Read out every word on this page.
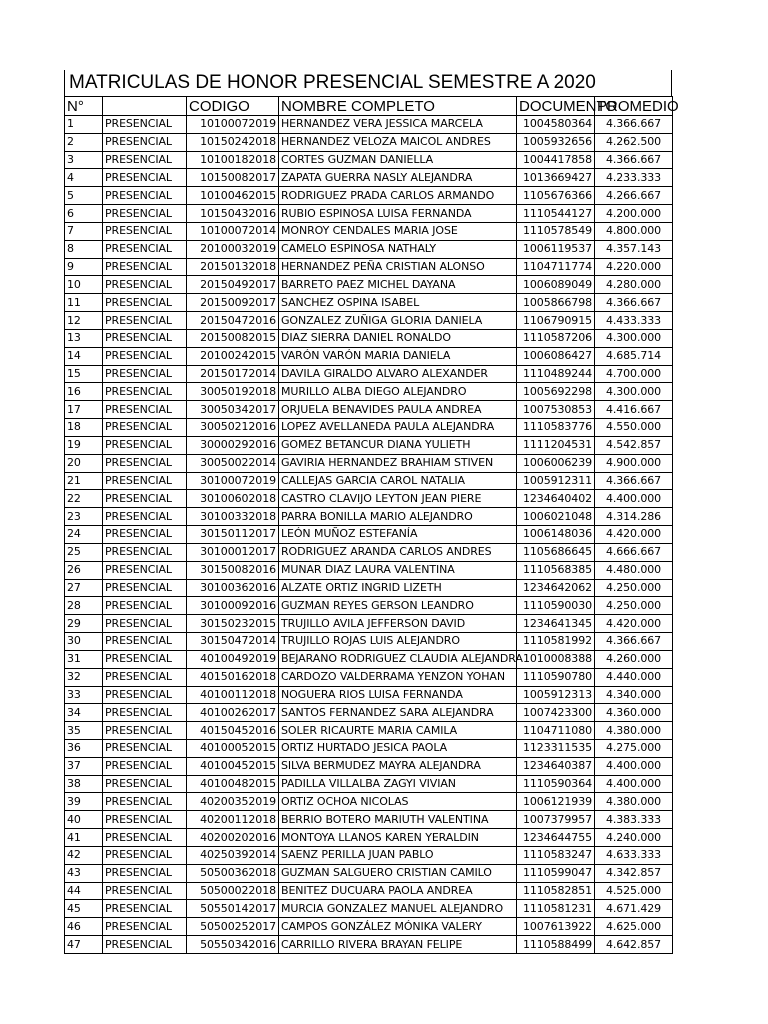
MATRICULAS DE HONOR PRESENCIAL SEMESTRE A 2020
N°		CODIGO	NOMBRE COMPLETO	DOCUMENTO	PROMEDIO
1	PRESENCIAL	10100072019	HERNANDEZ VERA JESSICA MARCELA	1004580364	4.366.667
2	PRESENCIAL	10150242018	HERNANDEZ VELOZA MAICOL ANDRES	1005932656	4.262.500
3	PRESENCIAL	10100182018	CORTES GUZMAN DANIELLA	1004417858	4.366.667
4	PRESENCIAL	10150082017	ZAPATA GUERRA NASLY ALEJANDRA	1013669427	4.233.333
5	PRESENCIAL	10100462015	RODRIGUEZ PRADA CARLOS ARMANDO	1105676366	4.266.667
6	PRESENCIAL	10150432016	RUBIO ESPINOSA LUISA FERNANDA	1110544127	4.200.000
7	PRESENCIAL	10100072014	MONROY CENDALES MARIA JOSE	1110578549	4.800.000
8	PRESENCIAL	20100032019	CAMELO ESPINOSA NATHALY	1006119537	4.357.143
9	PRESENCIAL	20150132018	HERNANDEZ PEÑA CRISTIAN ALONSO	1104711774	4.220.000
10	PRESENCIAL	20150492017	BARRETO PAEZ MICHEL DAYANA	1006089049	4.280.000
11	PRESENCIAL	20150092017	SANCHEZ OSPINA ISABEL	1005866798	4.366.667
12	PRESENCIAL	20150472016	GONZALEZ ZUÑIGA GLORIA DANIELA	1106790915	4.433.333
13	PRESENCIAL	20150082015	DIAZ SIERRA DANIEL RONALDO	1110587206	4.300.000
14	PRESENCIAL	20100242015	VARÓN VARÓN MARIA DANIELA	1006086427	4.685.714
15	PRESENCIAL	20150172014	DAVILA GIRALDO ALVARO ALEXANDER	1110489244	4.700.000
16	PRESENCIAL	30050192018	MURILLO ALBA DIEGO ALEJANDRO	1005692298	4.300.000
17	PRESENCIAL	30050342017	ORJUELA BENAVIDES PAULA ANDREA	1007530853	4.416.667
18	PRESENCIAL	30050212016	LOPEZ AVELLANEDA PAULA ALEJANDRA	1110583776	4.550.000
19	PRESENCIAL	30000292016	GOMEZ BETANCUR DIANA YULIETH	1111204531	4.542.857
20	PRESENCIAL	30050022014	GAVIRIA HERNANDEZ BRAHIAM STIVEN	1006006239	4.900.000
21	PRESENCIAL	30100072019	CALLEJAS GARCIA CAROL NATALIA	1005912311	4.366.667
22	PRESENCIAL	30100602018	CASTRO CLAVIJO LEYTON JEAN PIERE	1234640402	4.400.000
23	PRESENCIAL	30100332018	PARRA BONILLA MARIO ALEJANDRO	1006021048	4.314.286
24	PRESENCIAL	30150112017	LEÓN MUÑOZ ESTEFANÍA	1006148036	4.420.000
25	PRESENCIAL	30100012017	RODRIGUEZ ARANDA CARLOS ANDRES	1105686645	4.666.667
26	PRESENCIAL	30150082016	MUNAR DIAZ LAURA VALENTINA	1110568385	4.480.000
27	PRESENCIAL	30100362016	ALZATE ORTIZ INGRID LIZETH	1234642062	4.250.000
28	PRESENCIAL	30100092016	GUZMAN REYES GERSON LEANDRO	1110590030	4.250.000
29	PRESENCIAL	30150232015	TRUJILLO AVILA JEFFERSON DAVID	1234641345	4.420.000
30	PRESENCIAL	30150472014	TRUJILLO ROJAS LUIS ALEJANDRO	1110581992	4.366.667
31	PRESENCIAL	40100492019	BEJARANO RODRIGUEZ CLAUDIA ALEJANDRA	1010008388	4.260.000
32	PRESENCIAL	40150162018	CARDOZO VALDERRAMA YENZON YOHAN	1110590780	4.440.000
33	PRESENCIAL	40100112018	NOGUERA RIOS LUISA FERNANDA	1005912313	4.340.000
34	PRESENCIAL	40100262017	SANTOS FERNANDEZ SARA ALEJANDRA	1007423300	4.360.000
35	PRESENCIAL	40150452016	SOLER RICAURTE MARIA CAMILA	1104711080	4.380.000
36	PRESENCIAL	40100052015	ORTIZ HURTADO JESICA PAOLA	1123311535	4.275.000
37	PRESENCIAL	40100452015	SILVA BERMUDEZ MAYRA ALEJANDRA	1234640387	4.400.000
38	PRESENCIAL	40100482015	PADILLA VILLALBA ZAGYI VIVIAN	1110590364	4.400.000
39	PRESENCIAL	40200352019	ORTIZ OCHOA NICOLAS	1006121939	4.380.000
40	PRESENCIAL	40200112018	BERRIO BOTERO MARIUTH VALENTINA	1007379957	4.383.333
41	PRESENCIAL	40200202016	MONTOYA LLANOS KAREN YERALDIN	1234644755	4.240.000
42	PRESENCIAL	40250392014	SAENZ PERILLA JUAN PABLO	1110583247	4.633.333
43	PRESENCIAL	50500362018	GUZMAN SALGUERO CRISTIAN CAMILO	1110599047	4.342.857
44	PRESENCIAL	50500022018	BENITEZ DUCUARA PAOLA ANDREA	1110582851	4.525.000
45	PRESENCIAL	50550142017	MURCIA GONZALEZ MANUEL ALEJANDRO	1110581231	4.671.429
46	PRESENCIAL	50500252017	CAMPOS GONZÁLEZ MÓNIKA VALERY	1007613922	4.625.000
47	PRESENCIAL	50550342016	CARRILLO RIVERA BRAYAN FELIPE	1110588499	4.642.857
